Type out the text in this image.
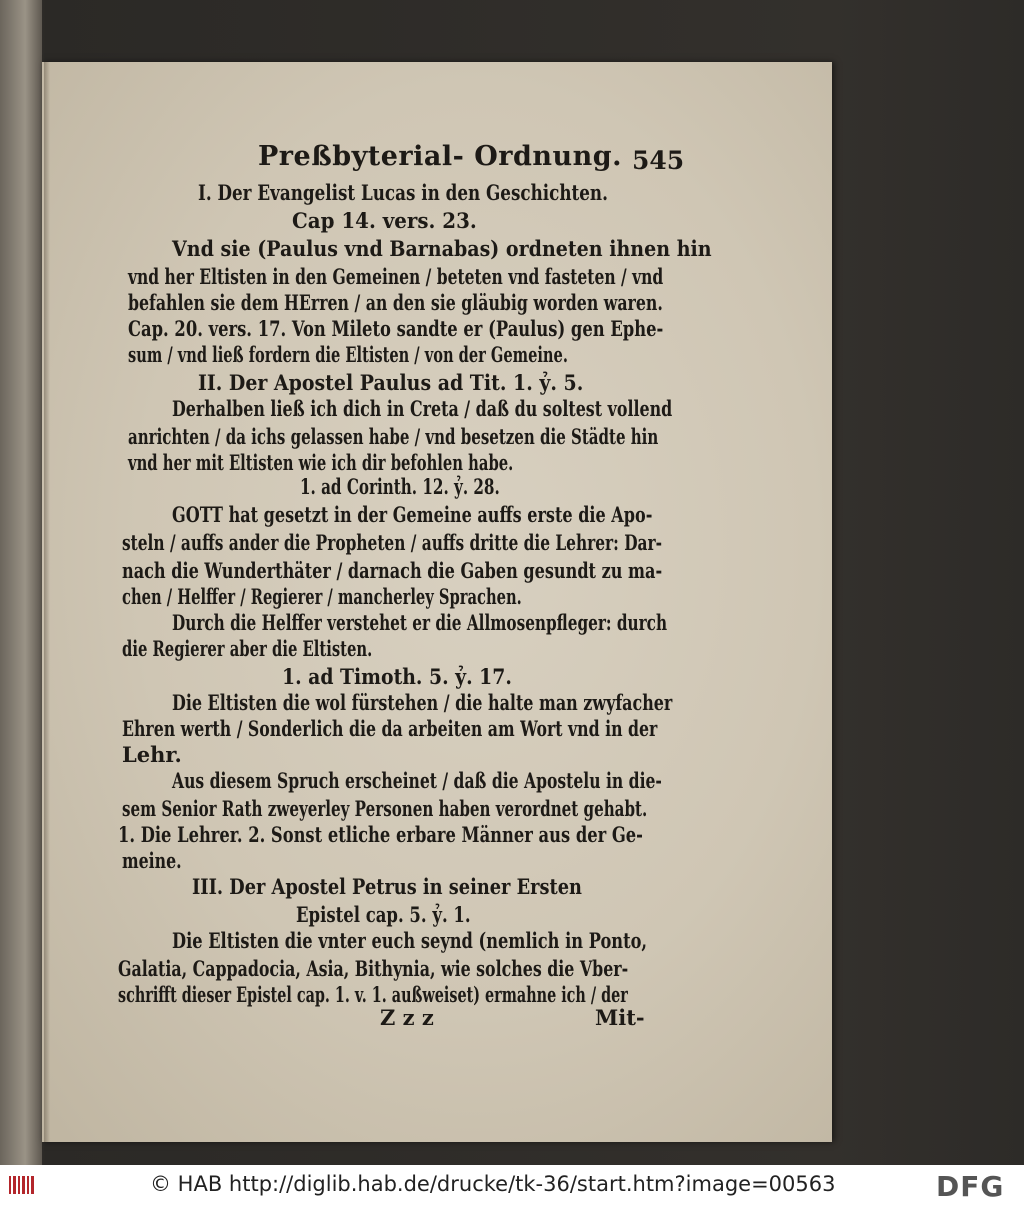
Preßbyterial- Ordnung. 545
I. Der Evangelist Lucas in den Geschichten.
Cap 14. vers. 23.
Vnd sie (Paulus vnd Barnabas) ordneten ihnen hin
vnd her Eltisten in den Gemeinen / beteten vnd fasteten / vnd
befahlen sie dem HErren / an den sie gläubig worden waren.
Cap. 20. vers. 17. Von Mileto sandte er (Paulus) gen Ephe-
sum / vnd ließ fordern die Eltisten / von der Gemeine.
II. Der Apostel Paulus ad Tit. 1. ỷ. 5.
Derhalben ließ ich dich in Creta / daß du soltest vollend
anrichten / da ichs gelassen habe / vnd besetzen die Städte hin
vnd her mit Eltisten wie ich dir befohlen habe.
1. ad Corinth. 12. ỷ. 28.
GOTT hat gesetzt in der Gemeine auffs erste die Apo-
steln / auffs ander die Propheten / auffs dritte die Lehrer: Dar-
nach die Wunderthäter / darnach die Gaben gesundt zu ma-
chen / Helffer / Regierer / mancherley Sprachen.
Durch die Helffer verstehet er die Allmosenpfleger: durch
die Regierer aber die Eltisten.
1. ad Timoth. 5. ỷ. 17.
Die Eltisten die wol fürstehen / die halte man zwyfacher
Ehren werth / Sonderlich die da arbeiten am Wort vnd in der
Lehr.
Aus diesem Spruch erscheinet / daß die Apostelu in die-
sem Senior Rath zweyerley Personen haben verordnet gehabt.
1. Die Lehrer. 2. Sonst etliche erbare Männer aus der Ge-
meine.
III. Der Apostel Petrus in seiner Ersten
Epistel cap. 5. ỷ. 1.
Die Eltisten die vnter euch seynd (nemlich in Ponto,
Galatia, Cappadocia, Asia, Bithynia, wie solches die Vber-
schrifft dieser Epistel cap. 1. v. 1. außweiset) ermahne ich / der
Z z z	Mit-
© HAB http://diglib.hab.de/drucke/tk-36/start.htm?image=00563	DFG
